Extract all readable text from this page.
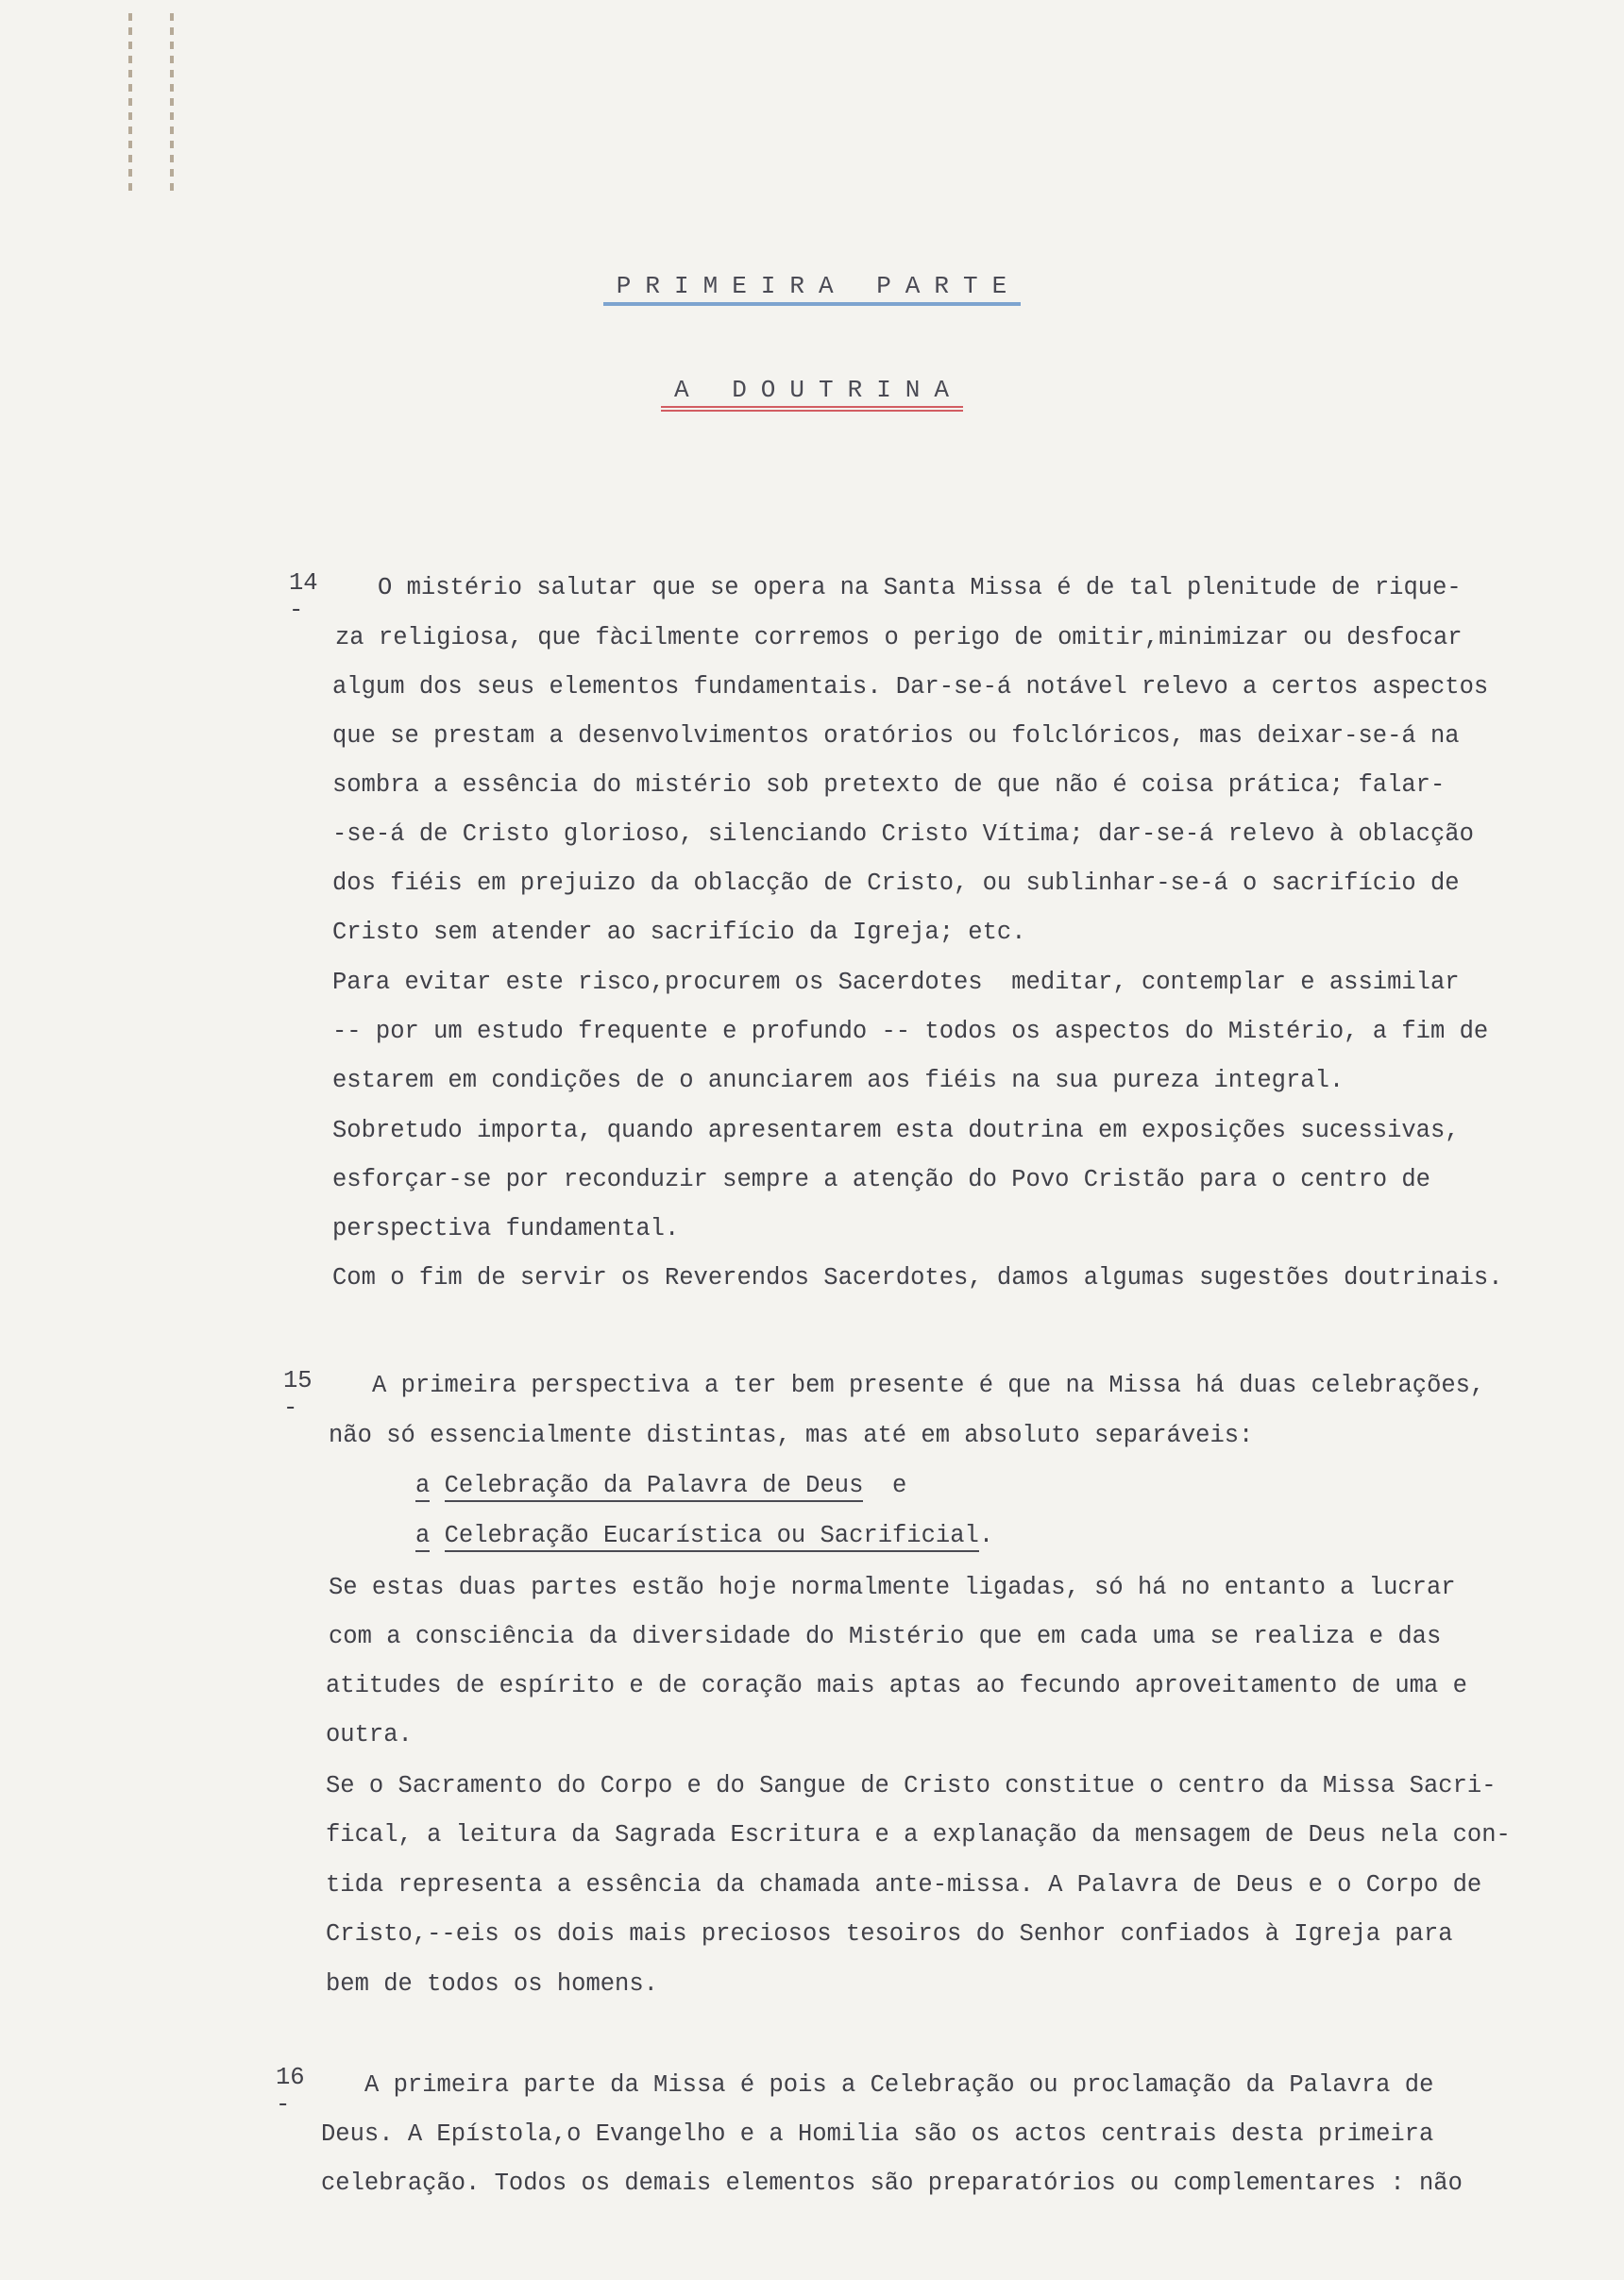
PRIMEIRA PARTE
A DOUTRINA
14 -
O mistério salutar que se opera na Santa Missa é de tal plenitude de rique-
za religiosa, que fàcilmente corremos o perigo de omitir,minimizar ou desfocar
algum dos seus elementos fundamentais. Dar-se-á notável relevo a certos aspectos
que se prestam a desenvolvimentos oratórios ou folclóricos, mas deixar-se-á na
sombra a essência do mistério sob pretexto de que não é coisa prática; falar-
-se-á de Cristo glorioso, silenciando Cristo Vítima; dar-se-á relevo à oblacção
dos fiéis em prejuizo da oblacção de Cristo, ou sublinhar-se-á o sacrifício de
Cristo sem atender ao sacrifício da Igreja; etc.
Para evitar este risco,procurem os Sacerdotes  meditar, contemplar e assimilar
-- por um estudo frequente e profundo -- todos os aspectos do Mistério, a fim de
estarem em condições de o anunciarem aos fiéis na sua pureza integral.
Sobretudo importa, quando apresentarem esta doutrina em exposições sucessivas,
esforçar-se por reconduzir sempre a atenção do Povo Cristão para o centro de
perspectiva fundamental.
Com o fim de servir os Reverendos Sacerdotes, damos algumas sugestões doutrinais.
15 -
A primeira perspectiva a ter bem presente é que na Missa há duas celebrações,
não só essencialmente distintas, mas até em absoluto separáveis:
a Celebração da Palavra de Deus e
a Celebração Eucarística ou Sacrificial.
Se estas duas partes estão hoje normalmente ligadas, só há no entanto a lucrar
com a consciência da diversidade do Mistério que em cada uma se realiza e das
atitudes de espírito e de coração mais aptas ao fecundo aproveitamento de uma e
outra.
Se o Sacramento do Corpo e do Sangue de Cristo constitue o centro da Missa Sacri-
fical, a leitura da Sagrada Escritura e a explanação da mensagem de Deus nela con-
tida representa a essência da chamada ante-missa. A Palavra de Deus e o Corpo de
Cristo,--eis os dois mais preciosos tesoiros do Senhor confiados à Igreja para
bem de todos os homens.
16 -
A primeira parte da Missa é pois a Celebração ou proclamação da Palavra de
Deus. A Epístola,o Evangelho e a Homilia são os actos centrais desta primeira
celebração. Todos os demais elementos são preparatórios ou complementares : não
